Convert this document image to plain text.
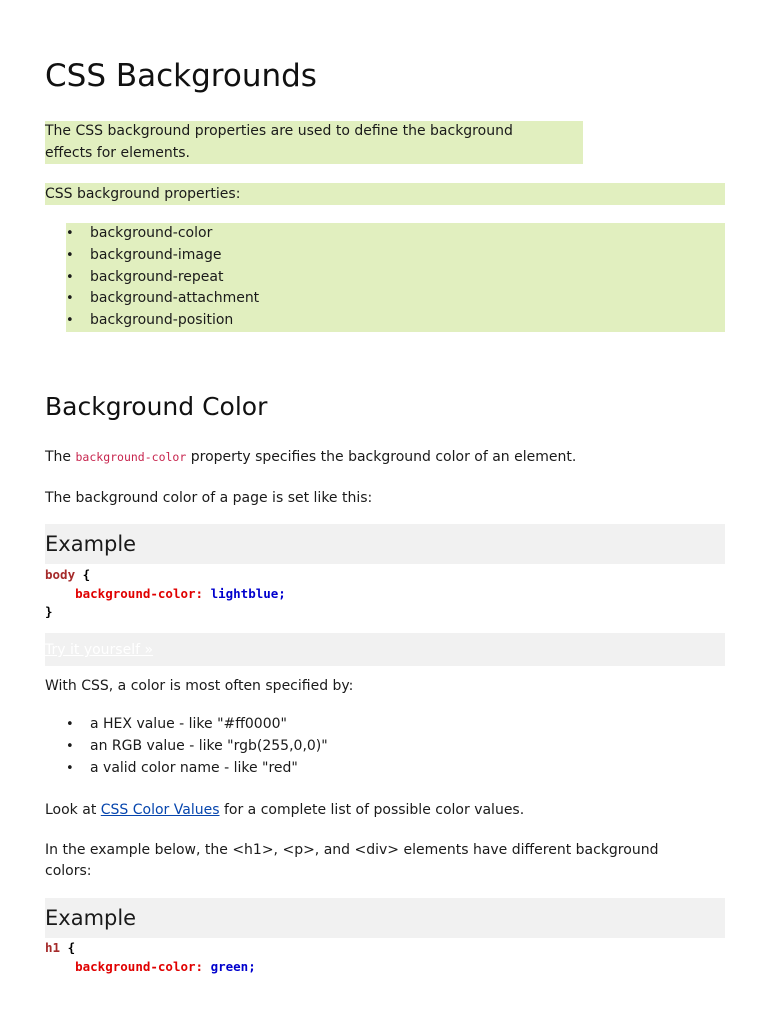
CSS Backgrounds
The CSS background properties are used to define the background
effects for elements.
CSS background properties:
• background-color
• background-image
• background-repeat
• background-attachment
• background-position
Background Color

The background-color property specifies the background color of an element.

The background color of a page is set like this:

Example
body {
background-color: lightblue;
}
Try it yourself »

With CSS, a color is most often specified by:

• a HEX value - like "#ff0000"
• an RGB value - like "rgb(255,0,0)"
• a valid color name - like "red"

Look at CSS Color Values for a complete list of possible color values.

In the example below, the <h1>, <p>, and <div> elements have different background
colors:

Example
h1 {
background-color: green;
